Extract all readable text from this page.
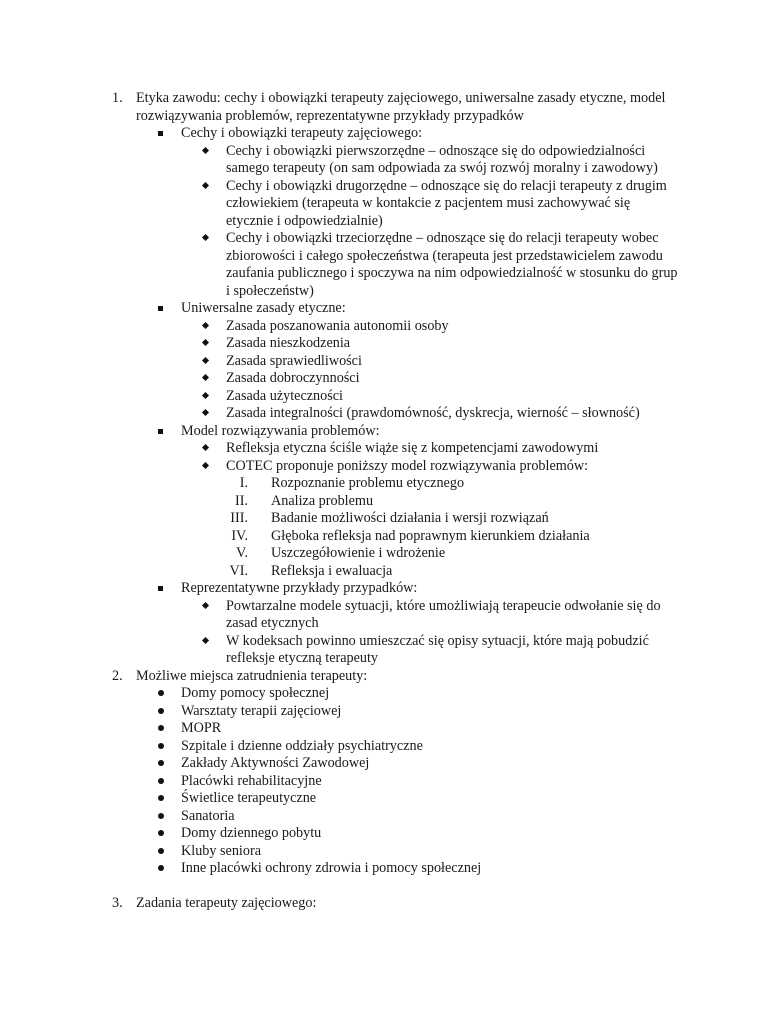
1. Etyka zawodu: cechy i obowiązki terapeuty zajęciowego, uniwersalne zasady etyczne, model rozwiązywania problemów, reprezentatywne przykłady przypadków
Cechy i obowiązki terapeuty zajęciowego:
Cechy i obowiązki pierwszorzędne – odnoszące się do odpowiedzialności samego terapeuty (on sam odpowiada za swój rozwój moralny i zawodowy)
Cechy i obowiązki drugorzędne – odnoszące się do relacji terapeuty z drugim człowiekiem (terapeuta w kontakcie z pacjentem musi zachowywać się etycznie i odpowiedzialnie)
Cechy i obowiązki trzeciorzędne – odnoszące się do relacji terapeuty wobec zbiorowości i całego społeczeństwa (terapeuta jest przedstawicielem zawodu zaufania publicznego i spoczywa na nim odpowiedzialność w stosunku do grup i społeczeństw)
Uniwersalne zasady etyczne:
Zasada poszanowania autonomii osoby
Zasada nieszkodzenia
Zasada sprawiedliwości
Zasada dobroczynności
Zasada użyteczności
Zasada integralności (prawdomówność, dyskrecja, wierność – słowność)
Model rozwiązywania problemów:
Refleksja etyczna ściśle wiąże się z kompetencjami zawodowymi
COTEC proponuje poniższy model rozwiązywania problemów:
I. Rozpoznanie problemu etycznego
II. Analiza problemu
III. Badanie możliwości działania i wersji rozwiązań
IV. Głęboka refleksja nad poprawnym kierunkiem działania
V. Uszczegółowienie i wdrożenie
VI. Refleksja i ewaluacja
Reprezentatywne przykłady przypadków:
Powtarzalne modele sytuacji, które umożliwiają terapeucie odwołanie się do zasad etycznych
W kodeksach powinno umieszczać się opisy sytuacji, które mają pobudzić refleksje etyczną terapeuty
2. Możliwe miejsca zatrudnienia terapeuty:
Domy pomocy społecznej
Warsztaty terapii zajęciowej
MOPR
Szpitale i dzienne oddziały psychiatryczne
Zakłady Aktywności Zawodowej
Placówki rehabilitacyjne
Świetlice terapeutyczne
Sanatoria
Domy dziennego pobytu
Kluby seniora
Inne placówki ochrony zdrowia i pomocy społecznej
3. Zadania terapeuty zajęciowego:
